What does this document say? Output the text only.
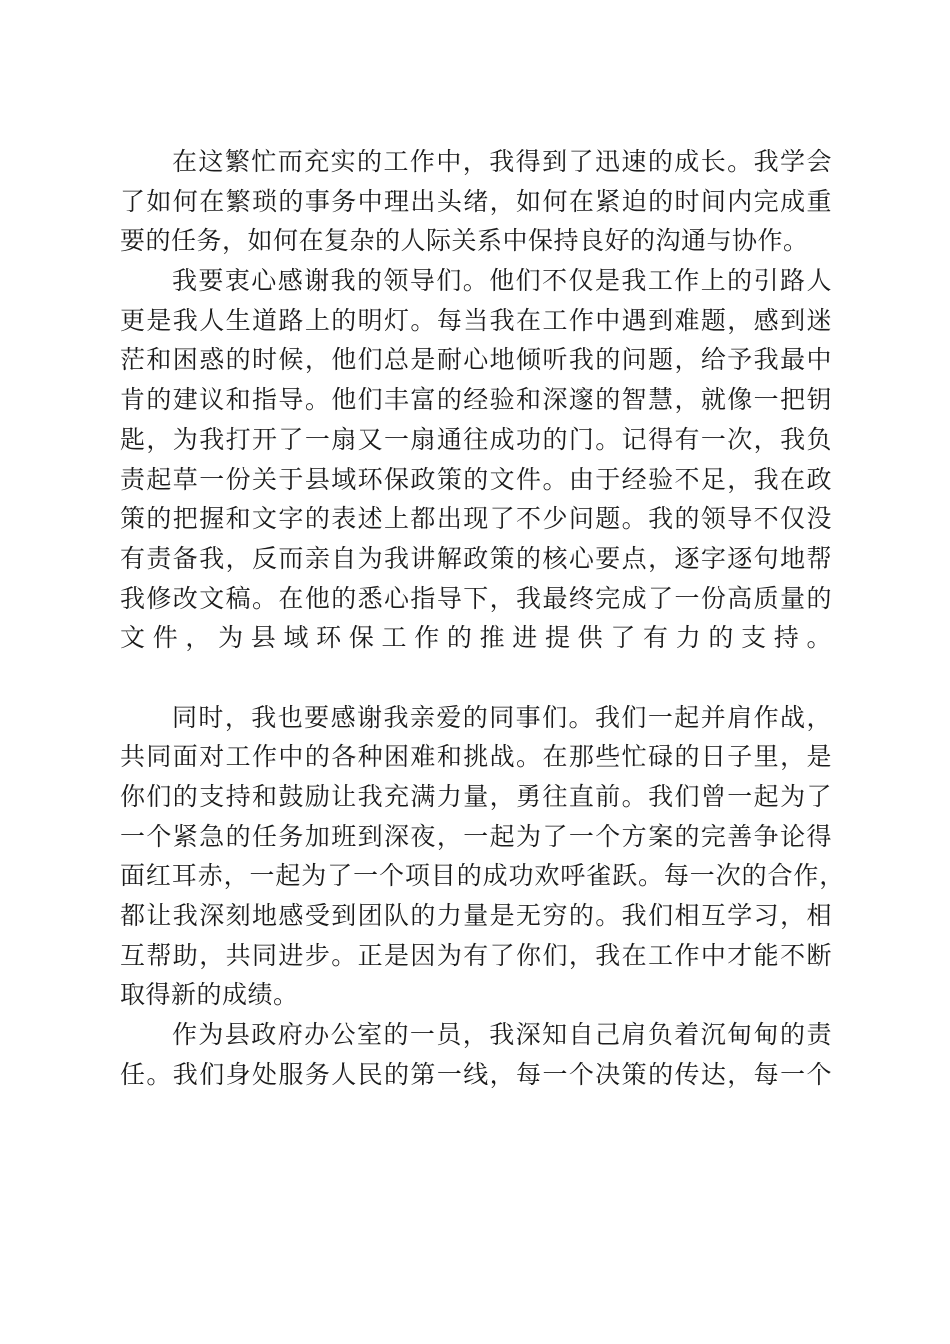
在这繁忙而充实的工作中，我得到了迅速的成长。我学会
了如何在繁琐的事务中理出头绪，如何在紧迫的时间内完成重
要的任务，如何在复杂的人际关系中保持良好的沟通与协作。
我要衷心感谢我的领导们。他们不仅是我工作上的引路人
更是我人生道路上的明灯。每当我在工作中遇到难题，感到迷
茫和困惑的时候，他们总是耐心地倾听我的问题，给予我最中
肯的建议和指导。他们丰富的经验和深邃的智慧，就像一把钥
匙，为我打开了一扇又一扇通往成功的门。记得有一次，我负
责起草一份关于县域环保政策的文件。由于经验不足，我在政
策的把握和文字的表述上都出现了不少问题。我的领导不仅没
有责备我，反而亲自为我讲解政策的核心要点，逐字逐句地帮
我修改文稿。在他的悉心指导下，我最终完成了一份高质量的
文件，为县域环保工作的推进提供了有力的支持。
同时，我也要感谢我亲爱的同事们。我们一起并肩作战，
共同面对工作中的各种困难和挑战。在那些忙碌的日子里，是
你们的支持和鼓励让我充满力量，勇往直前。我们曾一起为了
一个紧急的任务加班到深夜，一起为了一个方案的完善争论得
面红耳赤，一起为了一个项目的成功欢呼雀跃。每一次的合作，
都让我深刻地感受到团队的力量是无穷的。我们相互学习，相
互帮助，共同进步。正是因为有了你们，我在工作中才能不断
取得新的成绩。
作为县政府办公室的一员，我深知自己肩负着沉甸甸的责
任。我们身处服务人民的第一线，每一个决策的传达，每一个
